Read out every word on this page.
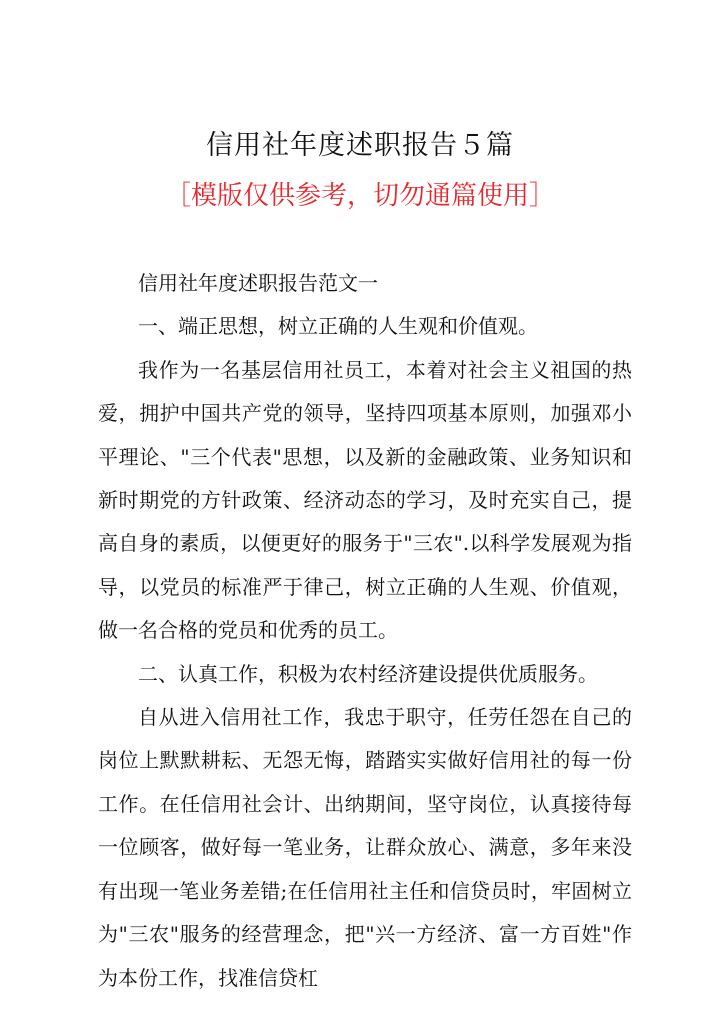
信用社年度述职报告５篇
［模版仅供参考，切勿通篇使用］

信用社年度述职报告范文一

一、端正思想，树立正确的人生观和价值观。

我作为一名基层信用社员工，本着对社会主义祖国的热爱，拥护中国共产党的领导，坚持四项基本原则，加强邓小平理论、"三个代表"思想，以及新的金融政策、业务知识和新时期党的方针政策、经济动态的学习，及时充实自己，提高自身的素质，以便更好的服务于"三农".以科学发展观为指导，以党员的标准严于律己，树立正确的人生观、价值观，做一名合格的党员和优秀的员工。

二、认真工作，积极为农村经济建设提供优质服务。

自从进入信用社工作，我忠于职守，任劳任怨在自己的岗位上默默耕耘、无怨无悔，踏踏实实做好信用社的每一份工作。在任信用社会计、出纳期间，坚守岗位，认真接待每一位顾客，做好每一笔业务，让群众放心、满意，多年来没有出现一笔业务差错;在任信用社主任和信贷员时，牢固树立为"三农"服务的经营理念，把"兴一方经济、富一方百姓"作为本份工作，找准信贷杠
